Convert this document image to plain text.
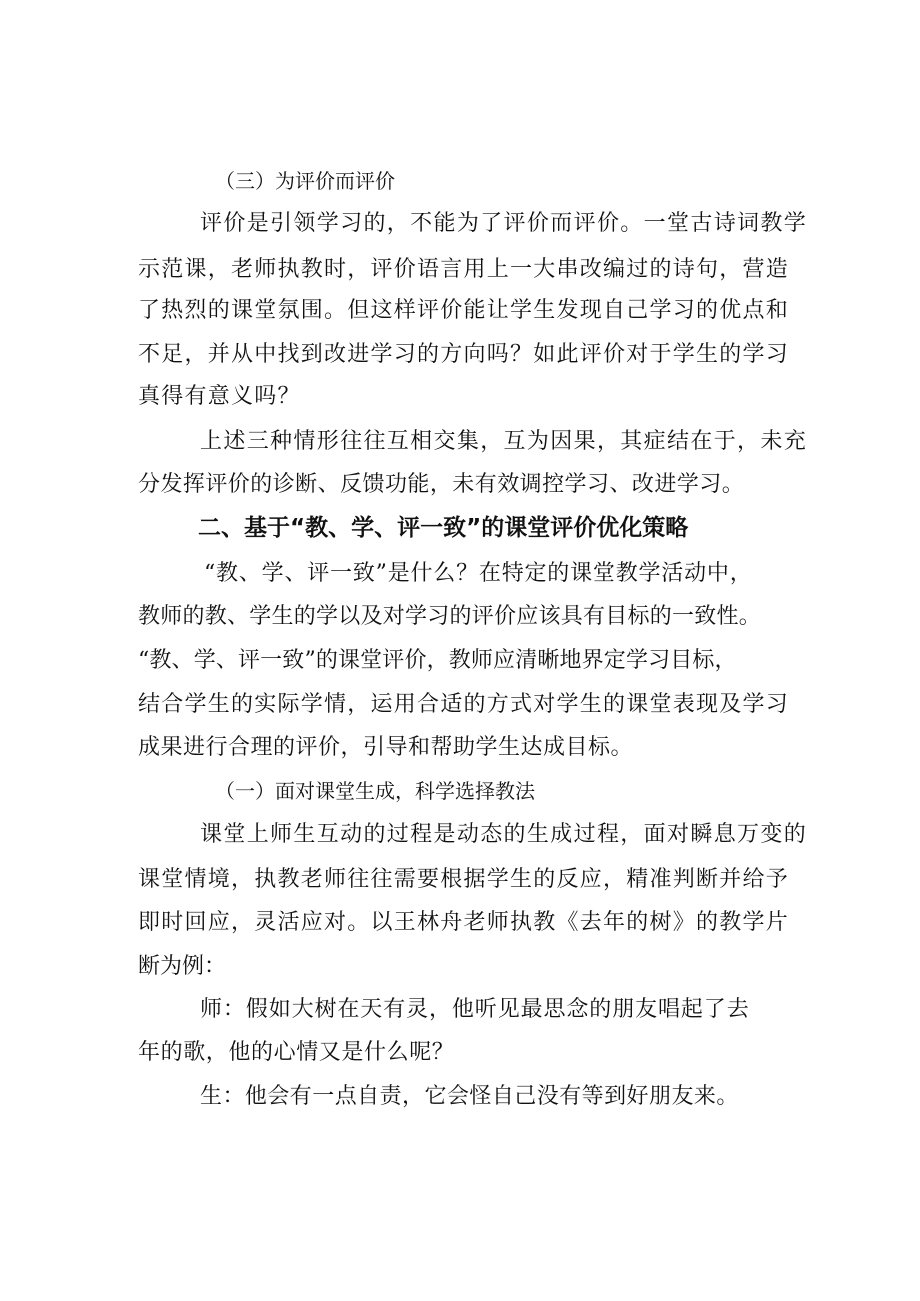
（三）为评价而评价
评价是引领学习的，不能为了评价而评价。一堂古诗词教学
示范课，老师执教时，评价语言用上一大串改编过的诗句，营造
了热烈的课堂氛围。但这样评价能让学生发现自己学习的优点和
不足，并从中找到改进学习的方向吗？如此评价对于学生的学习
真得有意义吗？
上述三种情形往往互相交集，互为因果，其症结在于，未充
分发挥评价的诊断、反馈功能，未有效调控学习、改进学习。
二、基于“教、学、评一致”的课堂评价优化策略
“教、学、评一致”是什么？在特定的课堂教学活动中，
教师的教、学生的学以及对学习的评价应该具有目标的一致性。
“教、学、评一致”的课堂评价，教师应清晰地界定学习目标，
结合学生的实际学情，运用合适的方式对学生的课堂表现及学习
成果进行合理的评价，引导和帮助学生达成目标。
（一）面对课堂生成，科学选择教法
课堂上师生互动的过程是动态的生成过程，面对瞬息万变的
课堂情境，执教老师往往需要根据学生的反应，精准判断并给予
即时回应，灵活应对。以王林舟老师执教《去年的树》的教学片
断为例：
师：假如大树在天有灵，他听见最思念的朋友唱起了去
年的歌，他的心情又是什么呢？
生：他会有一点自责，它会怪自己没有等到好朋友来。
